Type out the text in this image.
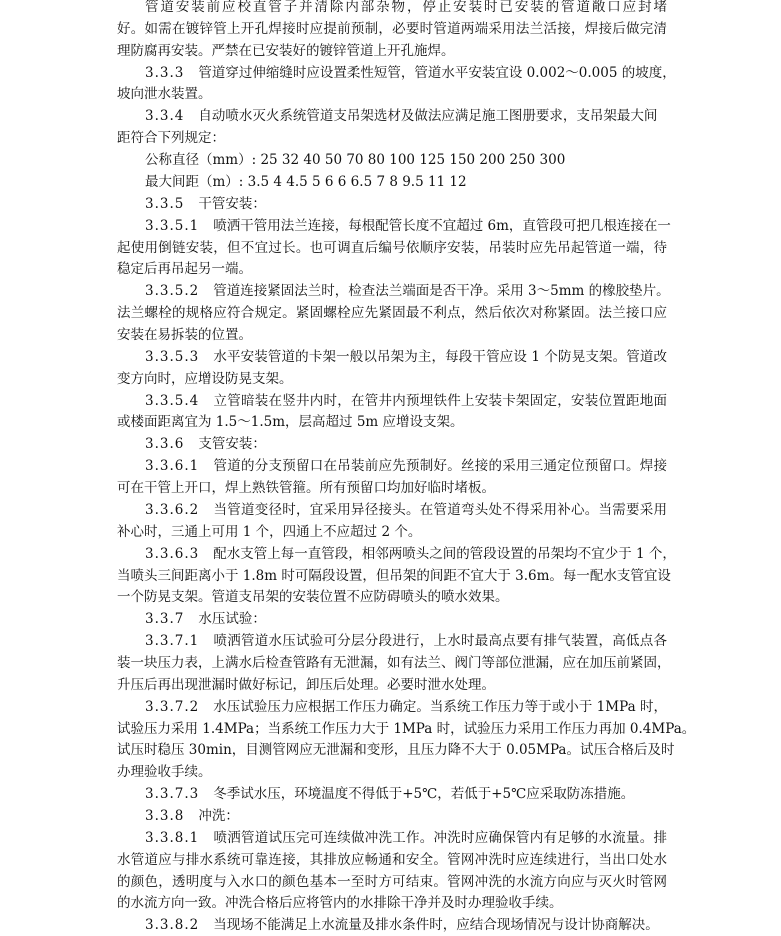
管道安装前应校直管子并清除内部杂物，停止安装时已安装的管道敞口应封堵
好。如需在镀锌管上开孔焊接时应提前预制，必要时管道两端采用法兰活接，焊接后做完清
理防腐再安装。严禁在已安装好的镀锌管道上开孔施焊。
3.3.3 管道穿过伸缩缝时应设置柔性短管，管道水平安装宜设 0.002～0.005 的坡度，
坡向泄水装置。
3.3.4 自动喷水灭火系统管道支吊架选材及做法应满足施工图册要求，支吊架最大间
距符合下列规定：
公称直径（mm）: 25 32 40 50 70 80 100 125 150 200 250 300
最大间距（m）: 3.5 4 4.5 5 6 6 6.5 7 8 9.5 11 12
3.3.5 干管安装：
3.3.5.1 喷洒干管用法兰连接，每根配管长度不宜超过 6m，直管段可把几根连接在一
起使用倒链安装，但不宜过长。也可调直后编号依顺序安装，吊装时应先吊起管道一端，待
稳定后再吊起另一端。
3.3.5.2 管道连接紧固法兰时，检查法兰端面是否干净。采用 3～5mm 的橡胶垫片。
法兰螺栓的规格应符合规定。紧固螺栓应先紧固最不利点，然后依次对称紧固。法兰接口应
安装在易拆装的位置。
3.3.5.3 水平安装管道的卡架一般以吊架为主，每段干管应设 1 个防晃支架。管道改
变方向时，应增设防晃支架。
3.3.5.4 立管暗装在竖井内时，在管井内预埋铁件上安装卡架固定，安装位置距地面
或楼面距离宜为 1.5～1.5m，层高超过 5m 应增设支架。
3.3.6 支管安装：
3.3.6.1 管道的分支预留口在吊装前应先预制好。丝接的采用三通定位预留口。焊接
可在干管上开口，焊上熟铁管箍。所有预留口均加好临时堵板。
3.3.6.2 当管道变径时，宜采用异径接头。在管道弯头处不得采用补心。当需要采用
补心时，三通上可用 1 个，四通上不应超过 2 个。
3.3.6.3 配水支管上每一直管段，相邻两喷头之间的管段设置的吊架均不宜少于 1 个，
当喷头三间距离小于 1.8m 时可隔段设置，但吊架的间距不宜大于 3.6m。每一配水支管宜设
一个防晃支架。管道支吊架的安装位置不应防碍喷头的喷水效果。
3.3.7 水压试验：
3.3.7.1 喷洒管道水压试验可分层分段进行，上水时最高点要有排气装置，高低点各
装一块压力表，上满水后检查管路有无泄漏，如有法兰、阀门等部位泄漏，应在加压前紧固，
升压后再出现泄漏时做好标记，卸压后处理。必要时泄水处理。
3.3.7.2 水压试验压力应根据工作压力确定。当系统工作压力等于或小于 1MPa 时，
试验压力采用 1.4MPa；当系统工作压力大于 1MPa 时，试验压力采用工作压力再加 0.4MPa。
试压时稳压 30min，目测管网应无泄漏和变形，且压力降不大于 0.05MPa。试压合格后及时
办理验收手续。
3.3.7.3 冬季试水压，环境温度不得低于+5℃，若低于+5℃应采取防冻措施。
3.3.8 冲洗：
3.3.8.1 喷洒管道试压完可连续做冲洗工作。冲洗时应确保管内有足够的水流量。排
水管道应与排水系统可靠连接，其排放应畅通和安全。管网冲洗时应连续进行，当出口处水
的颜色，透明度与入水口的颜色基本一至时方可结束。管网冲洗的水流方向应与灭火时管网
的水流方向一致。冲洗合格后应将管内的水排除干净并及时办理验收手续。
3.3.8.2 当现场不能满足上水流量及排水条件时，应结合现场情况与设计协商解决。
